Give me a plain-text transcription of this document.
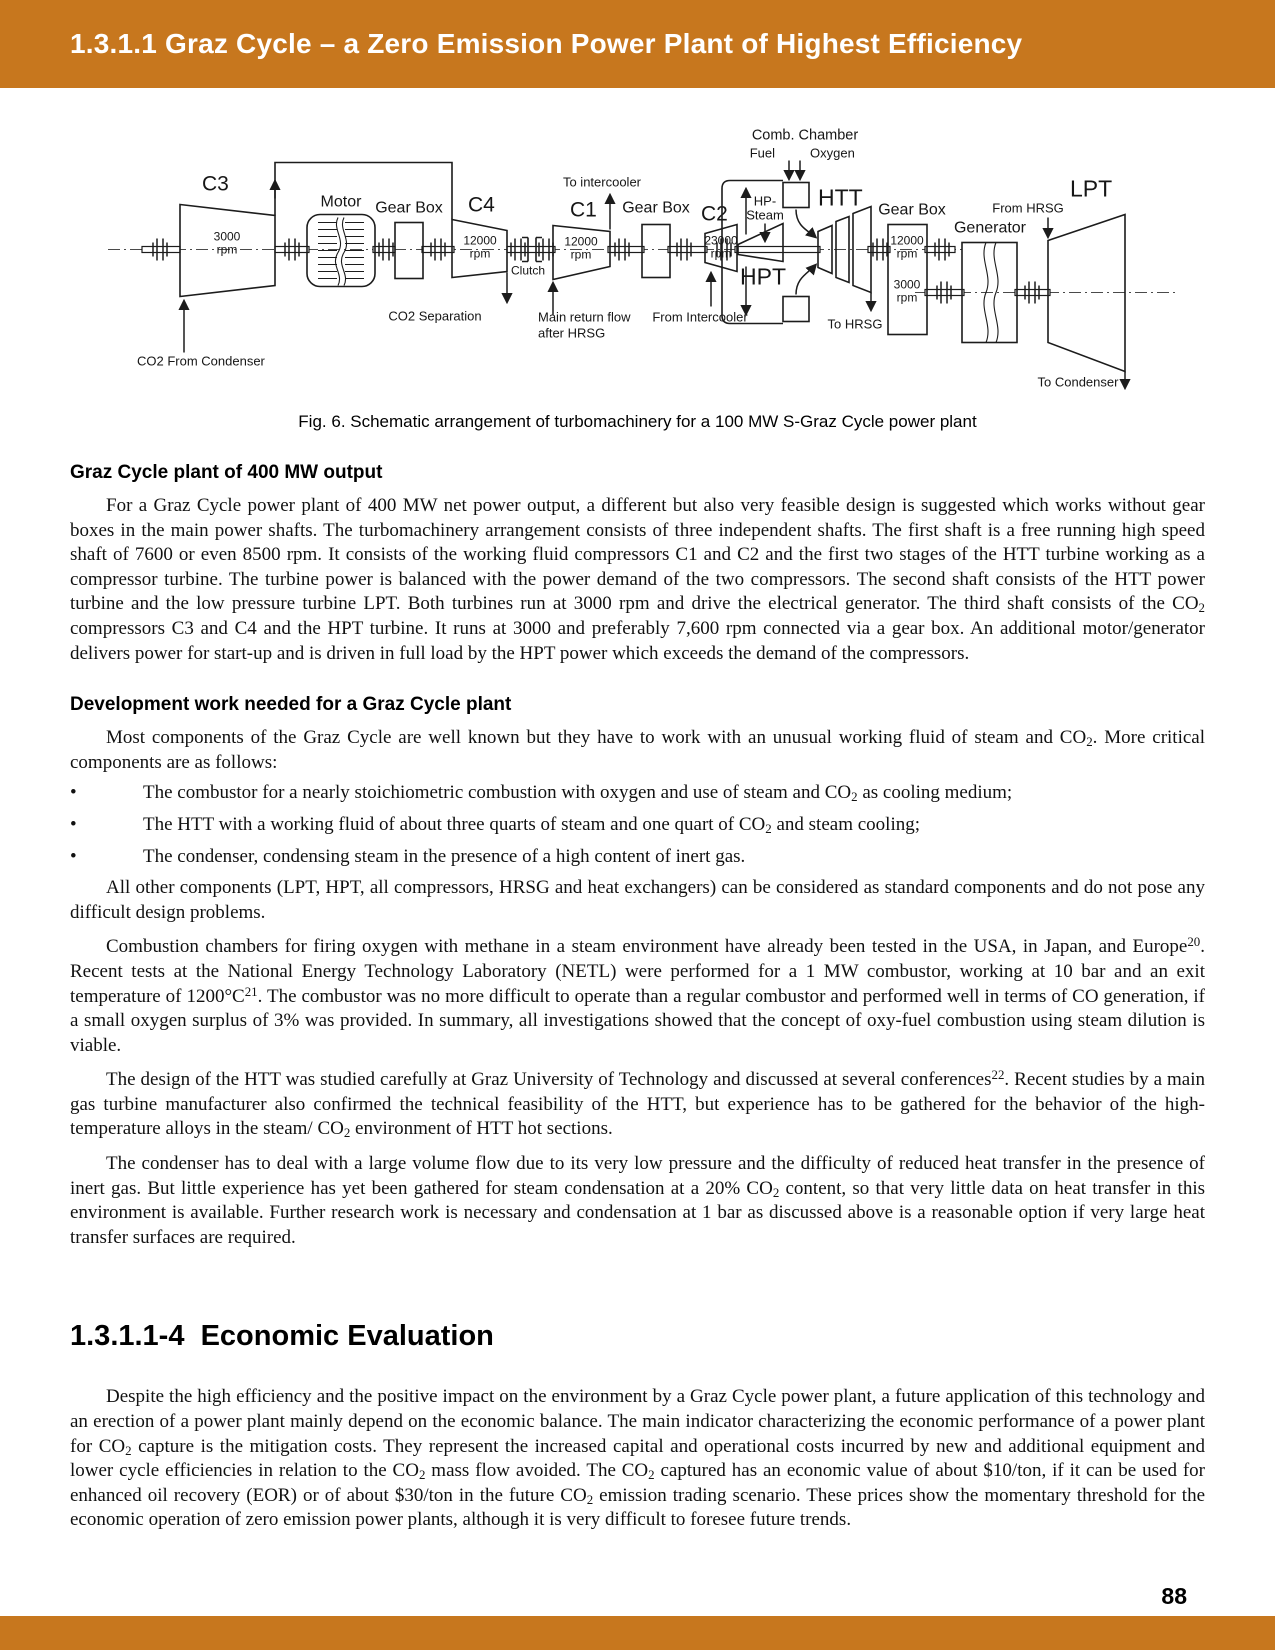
1.3.1.1 Graz Cycle – a Zero Emission Power Plant of Highest Efficiency
Clutch
C3
3000
rpm
CO2 From Condenser
Motor Gear Box C4
12000
rpm
CO2 Separation
C1
12000
rpm
To intercooler
Main return flow
after HRSG
Gear Box C2
23000
rpm
From Intercooler
HP-
Steam
HPT
Fuel	Oxygen
Comb. Chamber
HTT
To HRSG
Gear Box
12000
rpm
3000
rpm
Generator
LPT
From HRSG
To Condenser
Fig. 6. Schematic arrangement of turbomachinery for a 100 MW S-Graz Cycle power plant
Graz Cycle plant of 400 MW output

For a Graz Cycle power plant of 400 MW net power output, a different but also very feasible design is suggested which works without gear boxes in the main power shafts. The turbomachinery arrangement consists of three independent shafts. The first shaft is a free running high speed shaft of 7600 or even 8500 rpm. It consists of the working fluid compressors C1 and C2 and the first two stages of the HTT turbine working as a compressor turbine. The turbine power is balanced with the power demand of the two compressors. The second shaft consists of the HTT power turbine and the low pressure turbine LPT. Both turbines run at 3000 rpm and drive the electrical generator. The third shaft consists of the $CO_2$ compressors C3 and C4 and the HPT turbine. It runs at 3000 and preferably 7,600 rpm connected via a gear box. An additional motor/generator delivers power for start-up and is driven in full load by the HPT power which exceeds the demand of the compressors.

Development work needed for a Graz Cycle plant

Most components of the Graz Cycle are well known but they have to work with an unusual working fluid of steam and $CO_2$. More critical components are as follows:

•	The combustor for a nearly stoichiometric combustion with oxygen and use of steam and $CO_2$ as cooling medium;
•	The HTT with a working fluid of about three quarts of steam and one quart of $CO_2$ and steam cooling;
•	The condenser, condensing steam in the presence of a high content of inert gas.

All other components (LPT, HPT, all compressors, HRSG and heat exchangers) can be considered as standard components and do not pose any difficult design problems.

Combustion chambers for firing oxygen with methane in a steam environment have already been tested in the USA, in Japan, and Europe$^{20}$. Recent tests at the National Energy Technology Laboratory (NETL) were performed for a 1 MW combustor, working at 10 bar and an exit temperature of $1200^\circ C^{21}$. The combustor was no more difficult to operate than a regular combustor and performed well in terms of CO generation, if a small oxygen surplus of 3% was provided. In summary, all investigations showed that the concept of oxy-fuel combustion using steam dilution is viable.

The design of the HTT was studied carefully at Graz University of Technology and discussed at several conferences$^{22}$. Recent studies by a main gas turbine manufacturer also confirmed the technical feasibility of the HTT, but experience has to be gathered for the behavior of the high-temperature alloys in the steam/ $CO_2$ environment of HTT hot sections.

The condenser has to deal with a large volume flow due to its very low pressure and the difficulty of reduced heat transfer in the presence of inert gas. But little experience has yet been gathered for steam condensation at a 20% $CO_2$ content, so that very little data on heat transfer in this environment is available. Further research work is necessary and condensation at 1 bar as discussed above is a reasonable option if very large heat transfer surfaces are required.

1.3.1.1-4  Economic Evaluation

Despite the high efficiency and the positive impact on the environment by a Graz Cycle power plant, a future application of this technology and an erection of a power plant mainly depend on the economic balance. The main indicator characterizing the economic performance of a power plant for $CO_2$ capture is the mitigation costs. They represent the increased capital and operational costs incurred by new and additional equipment and lower cycle efficiencies in relation to the $CO_2$ mass flow avoided. The $CO_2$ captured has an economic value of about $10/ton, if it can be used for enhanced oil recovery (EOR) or of about $30/ton in the future $CO_2$ emission trading scenario. These prices show the momentary threshold for the economic operation of zero emission power plants, although it is very difficult to foresee future trends.

88
